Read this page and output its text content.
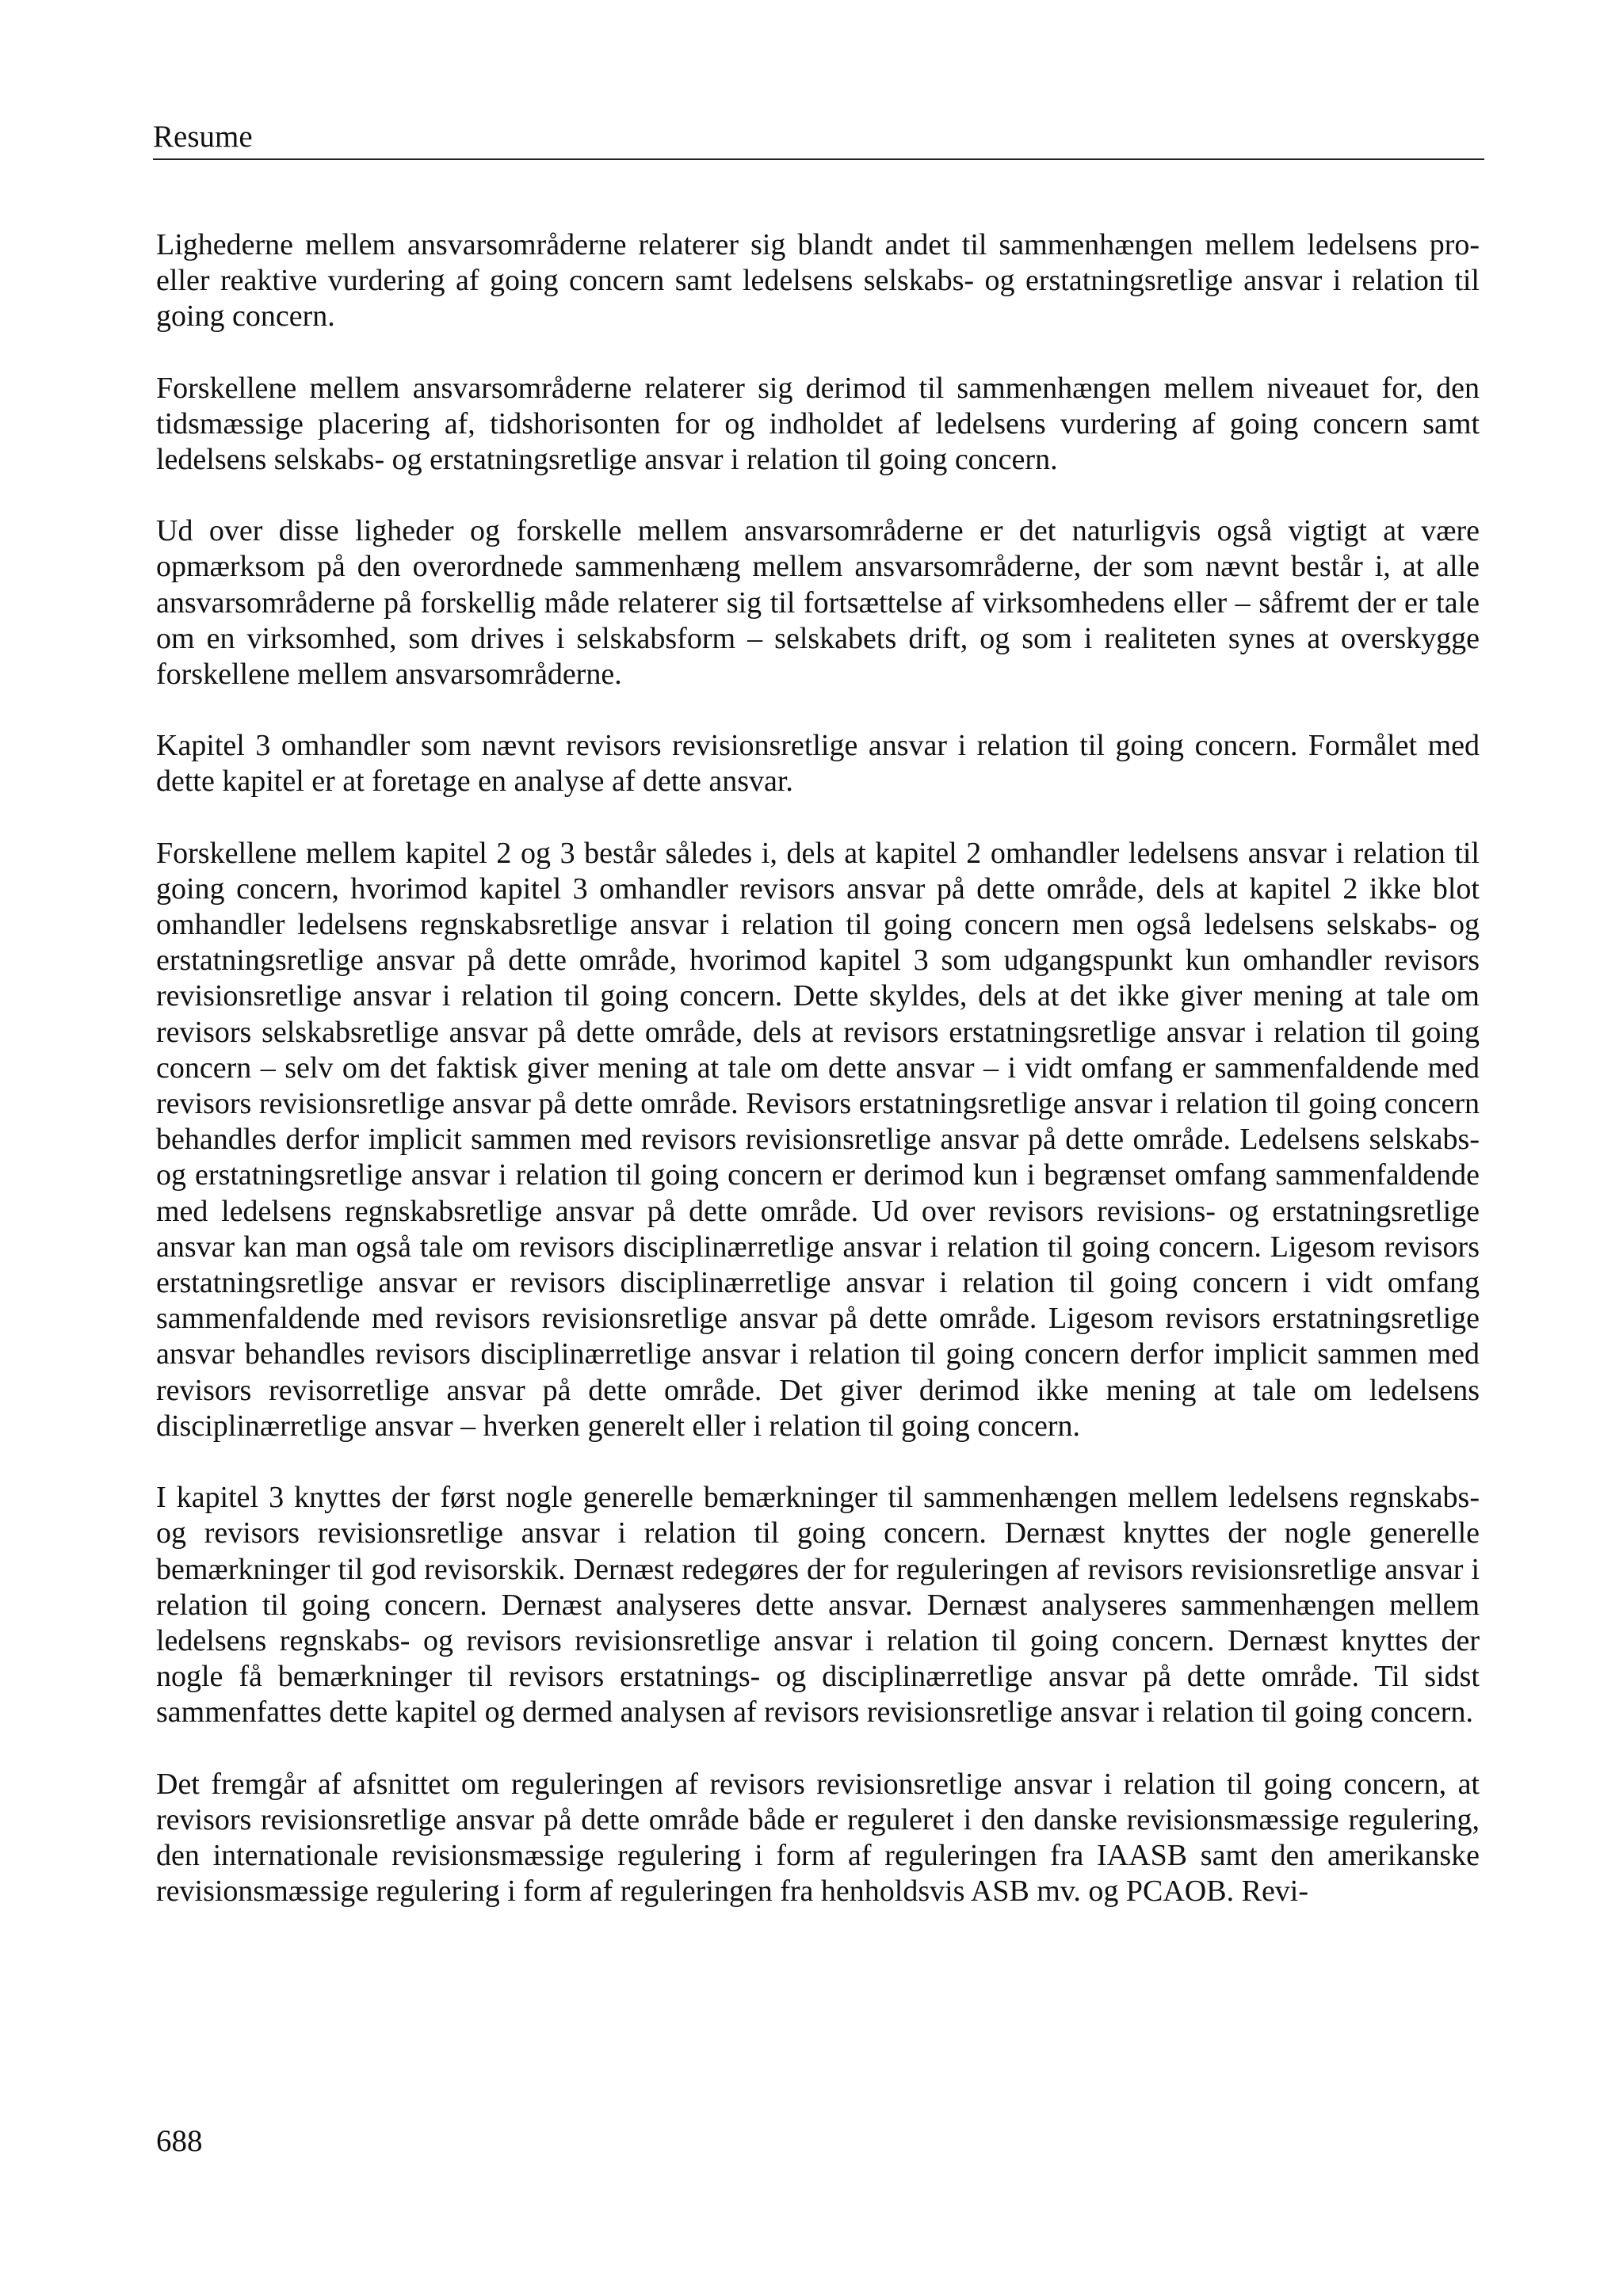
Resume

Lighederne mellem ansvarsområderne relaterer sig blandt andet til sammenhængen mellem ledelsens pro- eller reaktive vurdering af going concern samt ledelsens selskabs- og erstatningsretlige ansvar i relation til going concern.

Forskellene mellem ansvarsområderne relaterer sig derimod til sammenhængen mellem niveauet for, den tidsmæssige placering af, tidshorisonten for og indholdet af ledelsens vurdering af going concern samt ledelsens selskabs- og erstatningsretlige ansvar i relation til going concern.

Ud over disse ligheder og forskelle mellem ansvarsområderne er det naturligvis også vigtigt at være opmærksom på den overordnede sammenhæng mellem ansvarsområderne, der som nævnt består i, at alle ansvarsområderne på forskellig måde relaterer sig til fortsættelse af virksomhedens eller – såfremt der er tale om en virksomhed, som drives i selskabsform – selskabets drift, og som i realiteten synes at overskygge forskellene mellem ansvarsområderne.

Kapitel 3 omhandler som nævnt revisors revisionsretlige ansvar i relation til going concern. Formålet med dette kapitel er at foretage en analyse af dette ansvar.

Forskellene mellem kapitel 2 og 3 består således i, dels at kapitel 2 omhandler ledelsens ansvar i relation til going concern, hvorimod kapitel 3 omhandler revisors ansvar på dette område, dels at kapitel 2 ikke blot omhandler ledelsens regnskabsretlige ansvar i relation til going concern men også ledelsens selskabs- og erstatningsretlige ansvar på dette område, hvorimod kapitel 3 som udgangspunkt kun omhandler revisors revisionsretlige ansvar i relation til going concern. Dette skyldes, dels at det ikke giver mening at tale om revisors selskabsretlige ansvar på dette område, dels at revisors erstatningsretlige ansvar i relation til going concern – selv om det faktisk giver mening at tale om dette ansvar – i vidt omfang er sammenfaldende med revisors revisionsretlige ansvar på dette område. Revisors erstatningsretlige ansvar i relation til going concern behandles derfor implicit sammen med revisors revisionsretlige ansvar på dette område. Ledelsens selskabs- og erstatningsretlige ansvar i relation til going concern er derimod kun i begrænset omfang sammenfaldende med ledelsens regnskabsretlige ansvar på dette område. Ud over revisors revisions- og erstatningsretlige ansvar kan man også tale om revisors disciplinærretlige ansvar i relation til going concern. Ligesom revisors erstatningsretlige ansvar er revisors disciplinærretlige ansvar i relation til going concern i vidt omfang sammenfaldende med revisors revisionsretlige ansvar på dette område. Ligesom revisors erstatningsretlige ansvar behandles revisors disciplinærretlige ansvar i relation til going concern derfor implicit sammen med revisors revisorretlige ansvar på dette område. Det giver derimod ikke mening at tale om ledelsens disciplinærretlige ansvar – hverken generelt eller i relation til going concern.

I kapitel 3 knyttes der først nogle generelle bemærkninger til sammenhængen mellem ledelsens regnskabs- og revisors revisionsretlige ansvar i relation til going concern. Dernæst knyttes der nogle generelle bemærkninger til god revisorskik. Dernæst redegøres der for reguleringen af revisors revisionsretlige ansvar i relation til going concern. Dernæst analyseres dette ansvar. Dernæst analyseres sammenhængen mellem ledelsens regnskabs- og revisors revisionsretlige ansvar i relation til going concern. Dernæst knyttes der nogle få bemærkninger til revisors erstatnings- og disciplinærretlige ansvar på dette område. Til sidst sammenfattes dette kapitel og dermed analysen af revisors revisionsretlige ansvar i relation til going concern.

Det fremgår af afsnittet om reguleringen af revisors revisionsretlige ansvar i relation til going concern, at revisors revisionsretlige ansvar på dette område både er reguleret i den danske revisionsmæssige regulering, den internationale revisionsmæssige regulering i form af reguleringen fra IAASB samt den amerikanske revisionsmæssige regulering i form af reguleringen fra henholdsvis ASB mv. og PCAOB. Revi-

688
